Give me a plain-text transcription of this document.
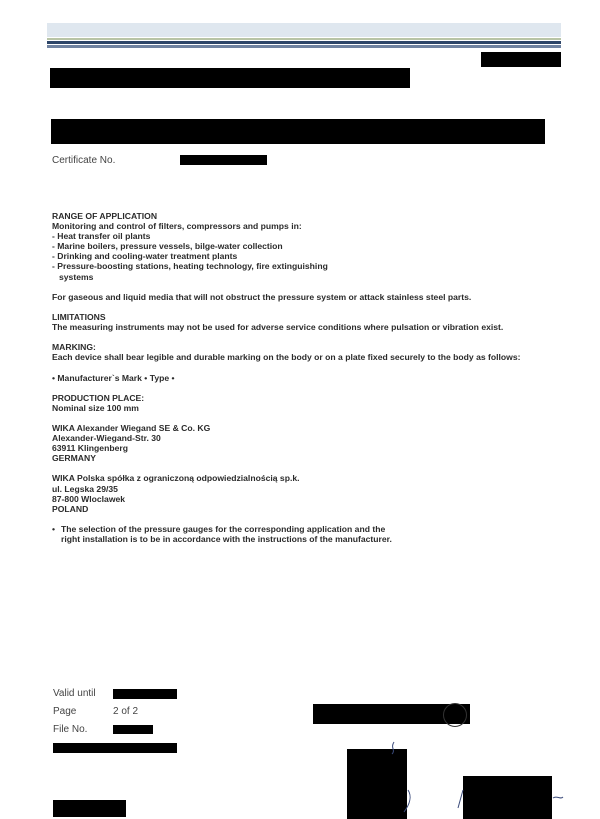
Certificate No.

RANGE OF APPLICATION

Monitoring and control of filters, compressors and pumps in:

- Heat transfer oil plants

- Marine boilers, pressure vessels, bilge-water collection

- Drinking and cooling-water treatment plants

- Pressure-boosting stations, heating technology, fire extinguishing

systems

For gaseous and liquid media that will not obstruct the pressure system or attack stainless steel parts.

LIMITATIONS

The measuring instruments may not be used for adverse service conditions where pulsation or vibration exist.

MARKING:

Each device shall bear legible and durable marking on the body or on a plate fixed securely to the body as follows:

• Manufacturer`s Mark • Type •

PRODUCTION PLACE:

Nominal size 100 mm

WIKA Alexander Wiegand SE & Co. KG

Alexander-Wiegand-Str. 30

63911 Klingenberg

GERMANY

WIKA Polska spółka z ograniczoną odpowiedzialnością sp.k.

ul. Legska 29/35

87-800 Wloclawek

POLAND

• The selection of the pressure gauges for the corresponding application and the right installation is to be in accordance with the instructions of the manufacturer.
Valid until
Page	2 of 2
File No.
